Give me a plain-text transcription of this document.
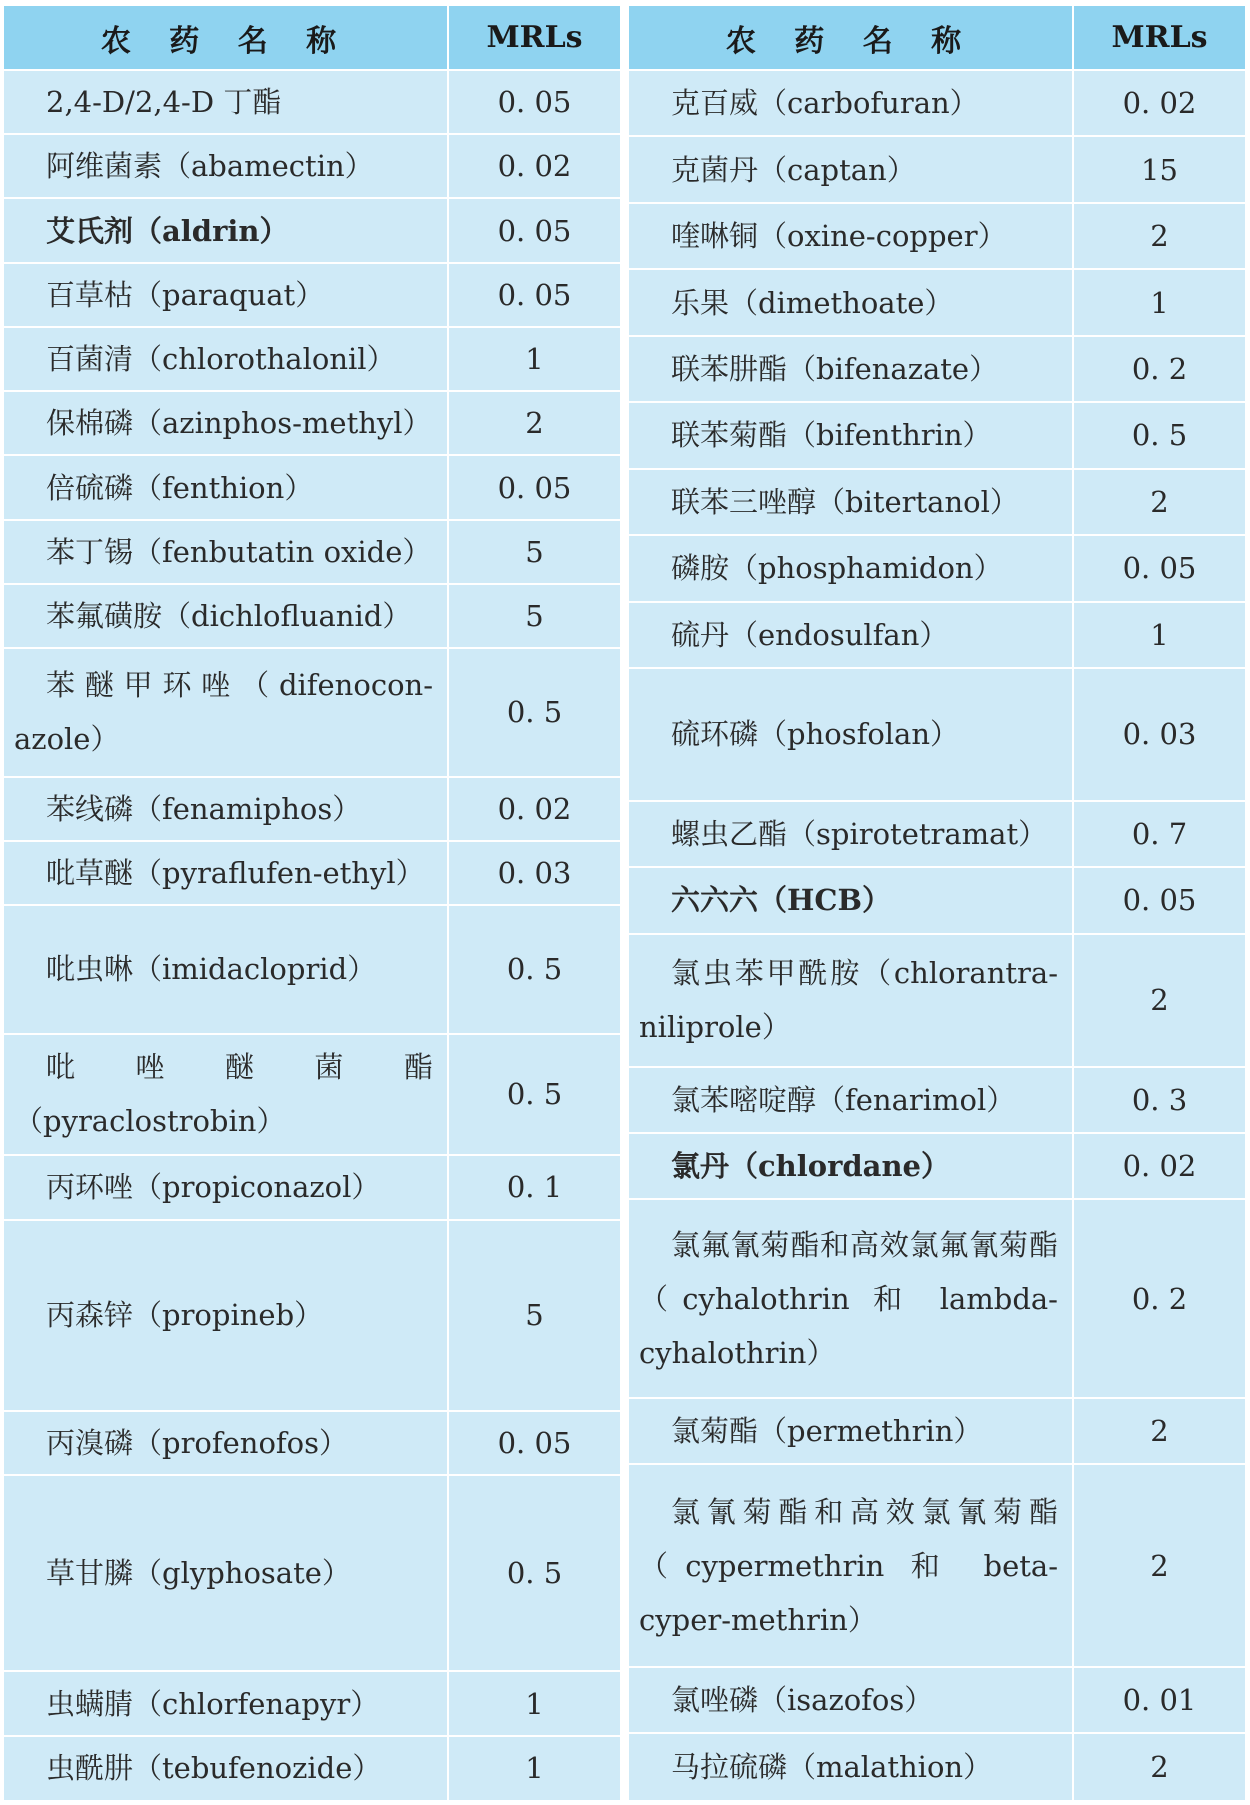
农 药 名 称	MRLs
2,4-D/2,4-D 丁酯	0. 05
阿维菌素（abamectin）	0. 02
艾氏剂（aldrin）	0. 05
百草枯（paraquat）	0. 05
百菌清（chlorothalonil）	1
保棉磷（azinphos-methyl）	2
倍硫磷（fenthion）	0. 05
苯丁锡（fenbutatin oxide）	5
苯氟磺胺（dichlofluanid）	5
苯 醚 甲 环 唑 （ difenocon-azole）	0. 5
苯线磷（fenamiphos）	0. 02
吡草醚（pyraflufen-ethyl）	0. 03
吡虫啉（imidacloprid）	0. 5
吡唑醚菌酯（pyraclostrobin）	0. 5
丙环唑（propiconazol）	0. 1
丙森锌（propineb）	5
丙溴磷（profenofos）	0. 05
草甘膦（glyphosate）	0. 5
虫螨腈（chlorfenapyr）	1
虫酰肼（tebufenozide）	1
农 药 名 称	MRLs
克百威（carbofuran）	0. 02
克菌丹（captan）	15
喹啉铜（oxine-copper）	2
乐果（dimethoate）	1
联苯肼酯（bifenazate）	0. 2
联苯菊酯（bifenthrin）	0. 5
联苯三唑醇（bitertanol）	2
磷胺（phosphamidon）	0. 05
硫丹（endosulfan）	1
硫环磷（phosfolan）	0. 03
螺虫乙酯（spirotetramat）	0. 7
六六六（HCB）	0. 05
氯虫苯甲酰胺（chlorantra-niliprole）	2
氯苯嘧啶醇（fenarimol）	0. 3
氯丹（chlordane）	0. 02
氯氟氰菊酯和高效氯氟氰菊酯（cyhalothrin 和 lambda-cyhalothrin）	0. 2
氯菊酯（permethrin）	2
氯氰菊酯和高效氯氰菊酯（cypermethrin 和 beta-cyper-methrin）	2
氯唑磷（isazofos）	0. 01
马拉硫磷（malathion）	2
